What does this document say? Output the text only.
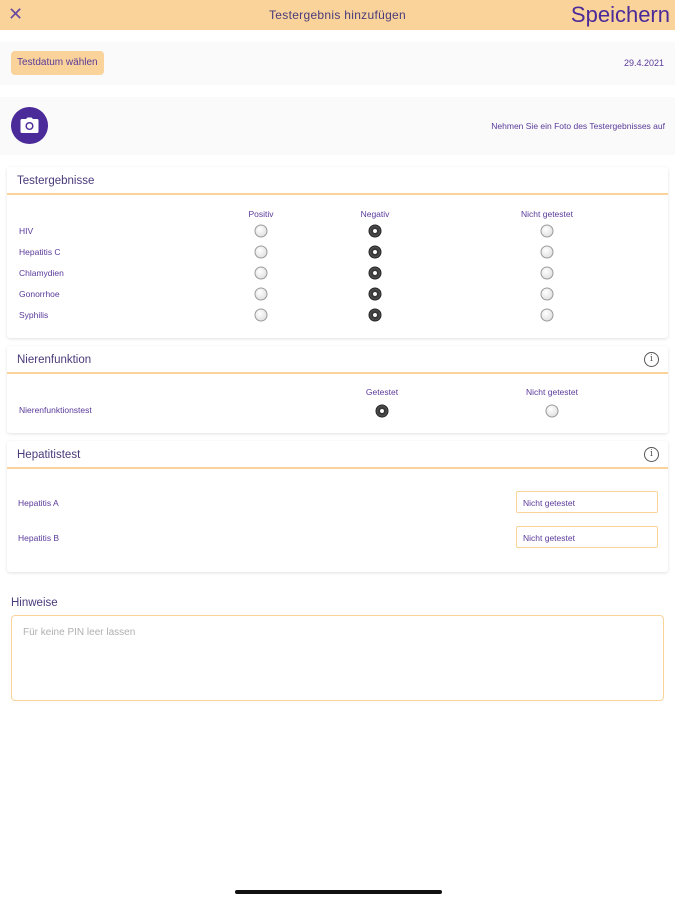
✕	Testergebnis hinzufügen	Speichern
Testdatum wählen	29.4.2021
Nehmen Sie ein Foto des Testergebnisses auf
Testergebnisse
Positiv	Negativ	Nicht getestet
HIV
Hepatitis C
Chlamydien
Gonorrhoe
Syphilis
Nierenfunktion	i
Getestet	Nicht getestet
Nierenfunktionstest
Hepatitistest	i
Hepatitis A	Nicht getestet
Hepatitis B	Nicht getestet
Hinweise
Für keine PIN leer lassen
